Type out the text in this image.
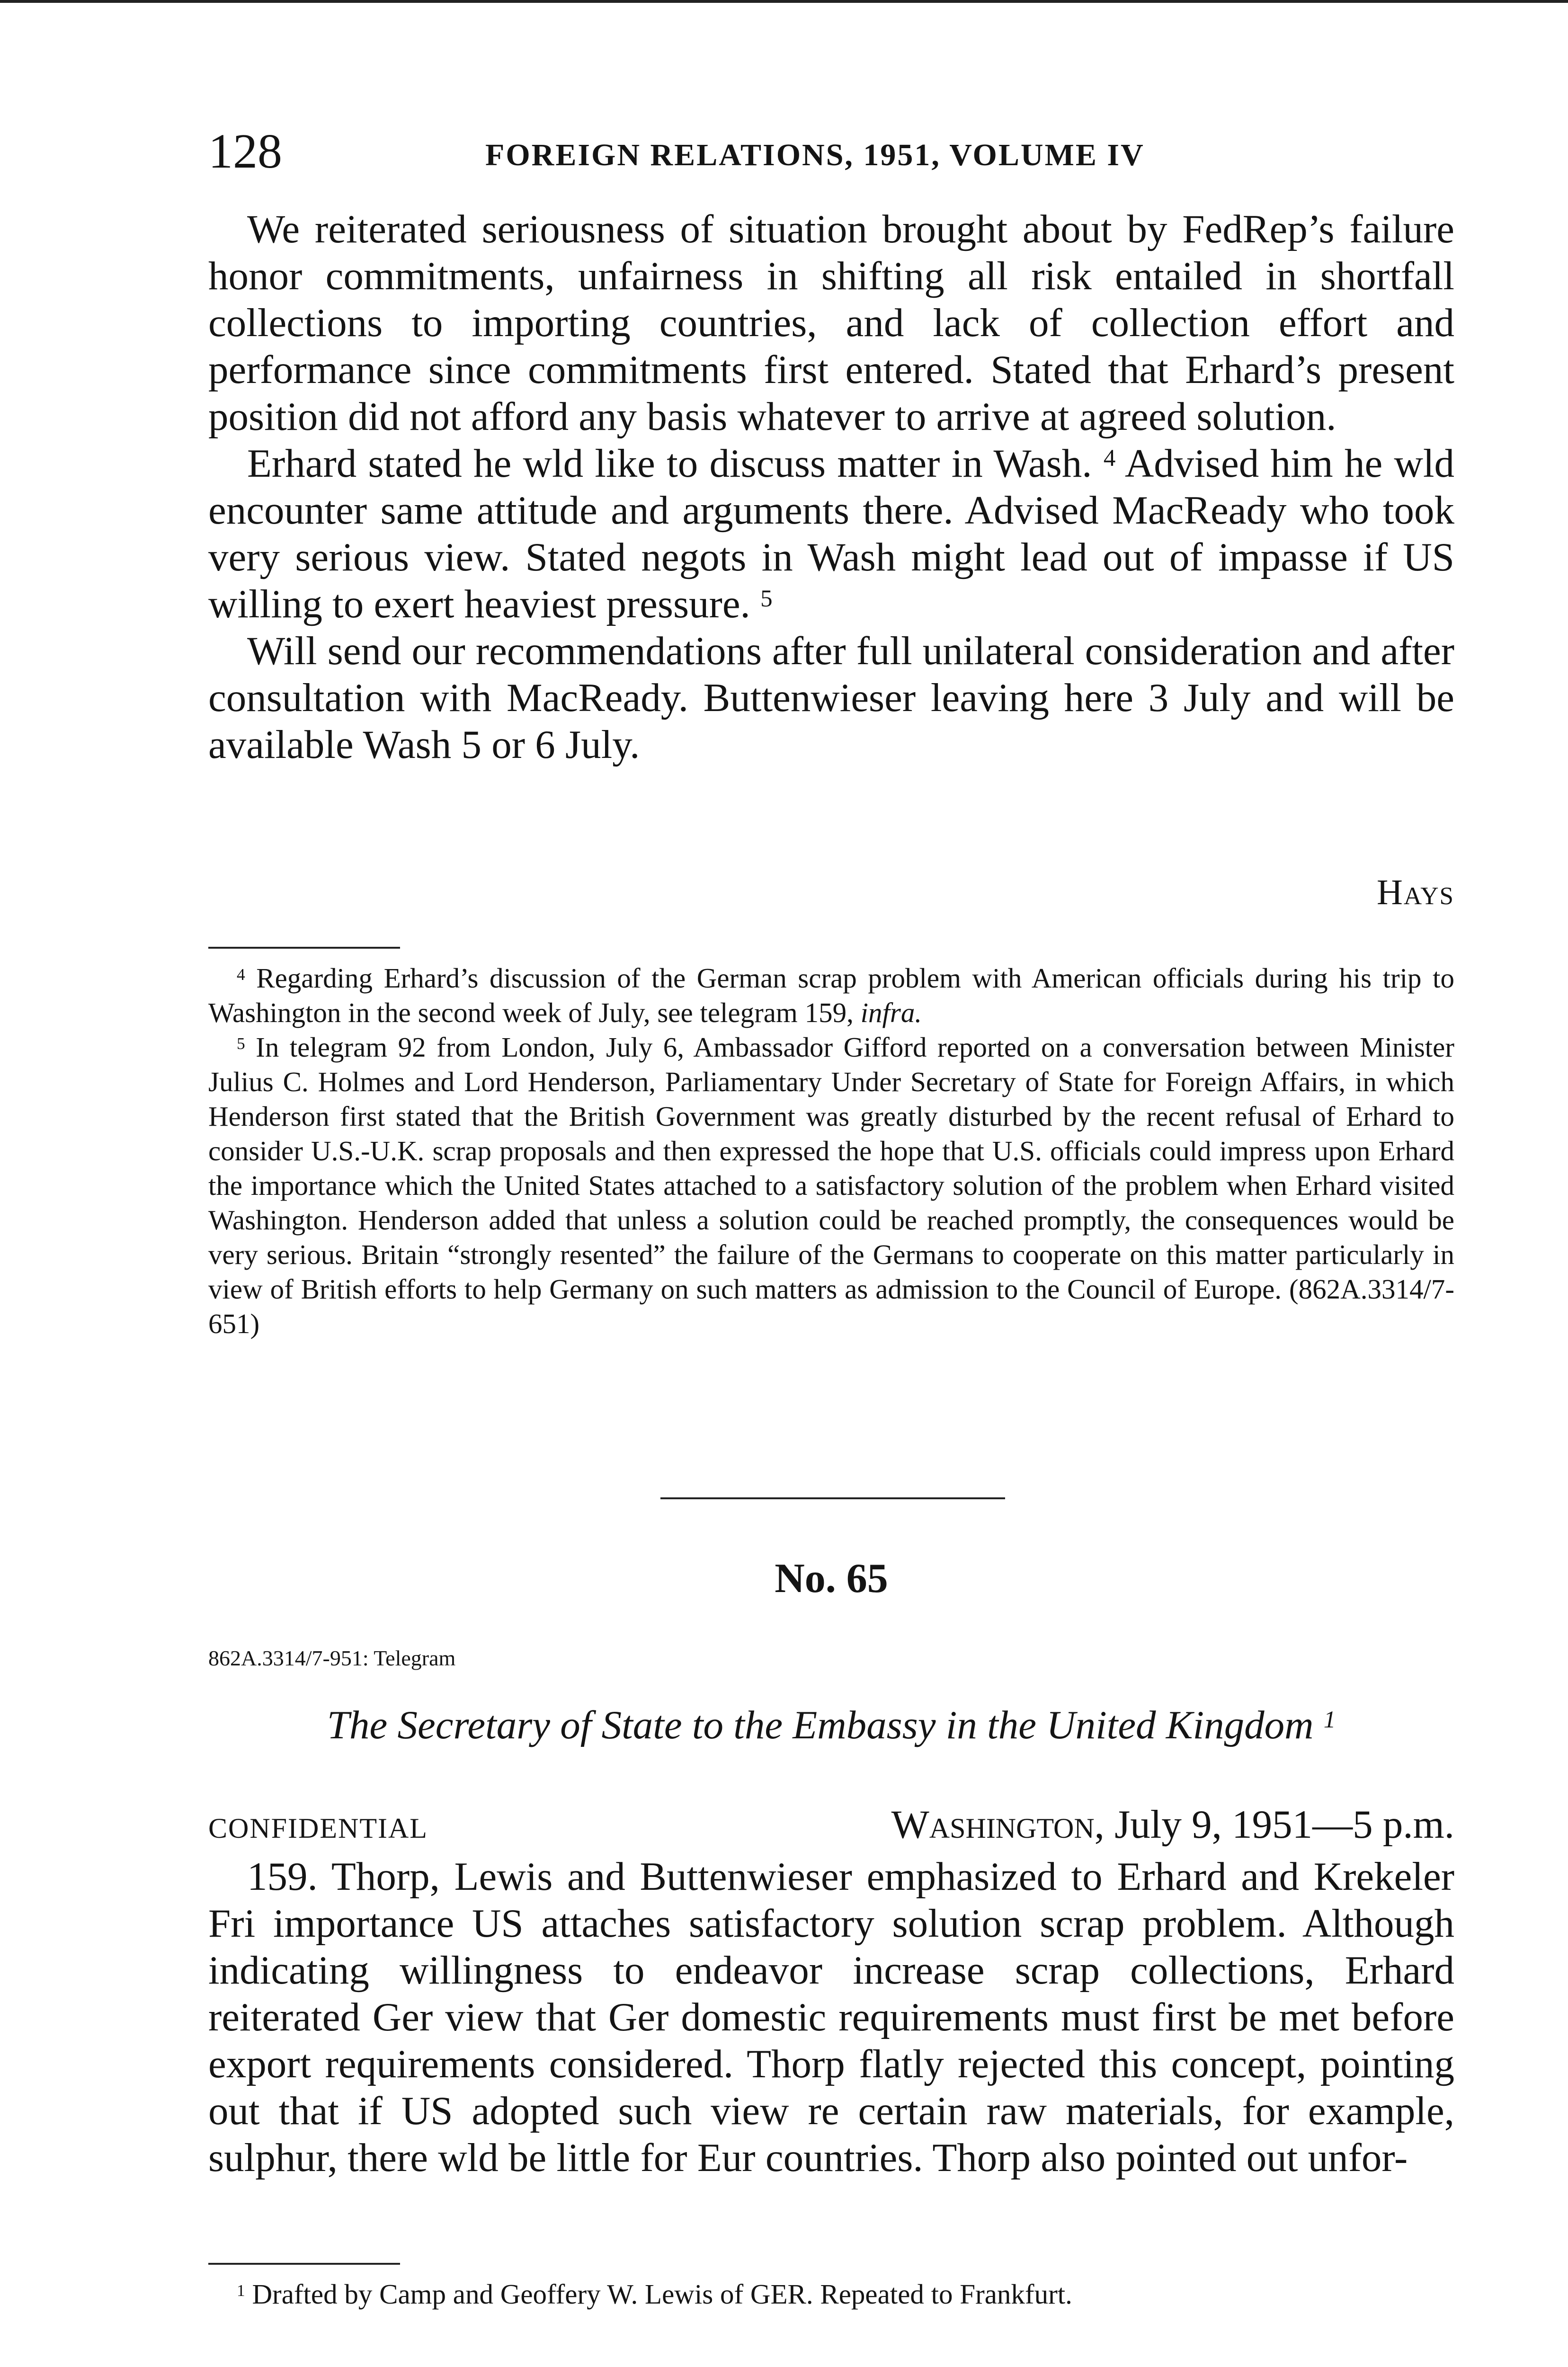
128	FOREIGN RELATIONS, 1951, VOLUME IV

We reiterated seriousness of situation brought about by FedRep’s failure honor commitments, unfairness in shifting all risk entailed in shortfall collections to importing countries, and lack of collection effort and performance since commitments first entered. Stated that Erhard’s present position did not afford any basis whatever to arrive at agreed solution.

Erhard stated he wld like to discuss matter in Wash. $^4$ Advised him he wld encounter same attitude and arguments there. Advised MacReady who took very serious view. Stated negots in Wash might lead out of impasse if US willing to exert heaviest pressure. $^5$

Will send our recommendations after full unilateral consideration and after consultation with MacReady. Buttenwieser leaving here 3 July and will be available Wash 5 or 6 July.

Hays

$^4$ Regarding Erhard’s discussion of the German scrap problem with American officials during his trip to Washington in the second week of July, see telegram 159, infra.

$^5$ In telegram 92 from London, July 6, Ambassador Gifford reported on a conversation between Minister Julius C. Holmes and Lord Henderson, Parliamentary Under Secretary of State for Foreign Affairs, in which Henderson first stated that the British Government was greatly disturbed by the recent refusal of Erhard to consider U.S.-U.K. scrap proposals and then expressed the hope that U.S. officials could impress upon Erhard the importance which the United States attached to a satisfactory solution of the problem when Erhard visited Washington. Henderson added that unless a solution could be reached promptly, the consequences would be very serious. Britain “strongly resented” the failure of the Germans to cooperate on this matter particularly in view of British efforts to help Germany on such matters as admission to the Council of Europe. (862A.3314/7-651)

No. 65
862A.3314/7-951: Telegram
The Secretary of State to the Embassy in the United Kingdom $^1$
CONFIDENTIAL	Washington, July 9, 1951—5 p.m.

159. Thorp, Lewis and Buttenwieser emphasized to Erhard and Krekeler Fri importance US attaches satisfactory solution scrap problem. Although indicating willingness to endeavor increase scrap collections, Erhard reiterated Ger view that Ger domestic requirements must first be met before export requirements considered. Thorp flatly rejected this concept, pointing out that if US adopted such view re certain raw materials, for example, sulphur, there wld be little for Eur countries. Thorp also pointed out unfor-

$^1$ Drafted by Camp and Geoffery W. Lewis of GER. Repeated to Frankfurt.
